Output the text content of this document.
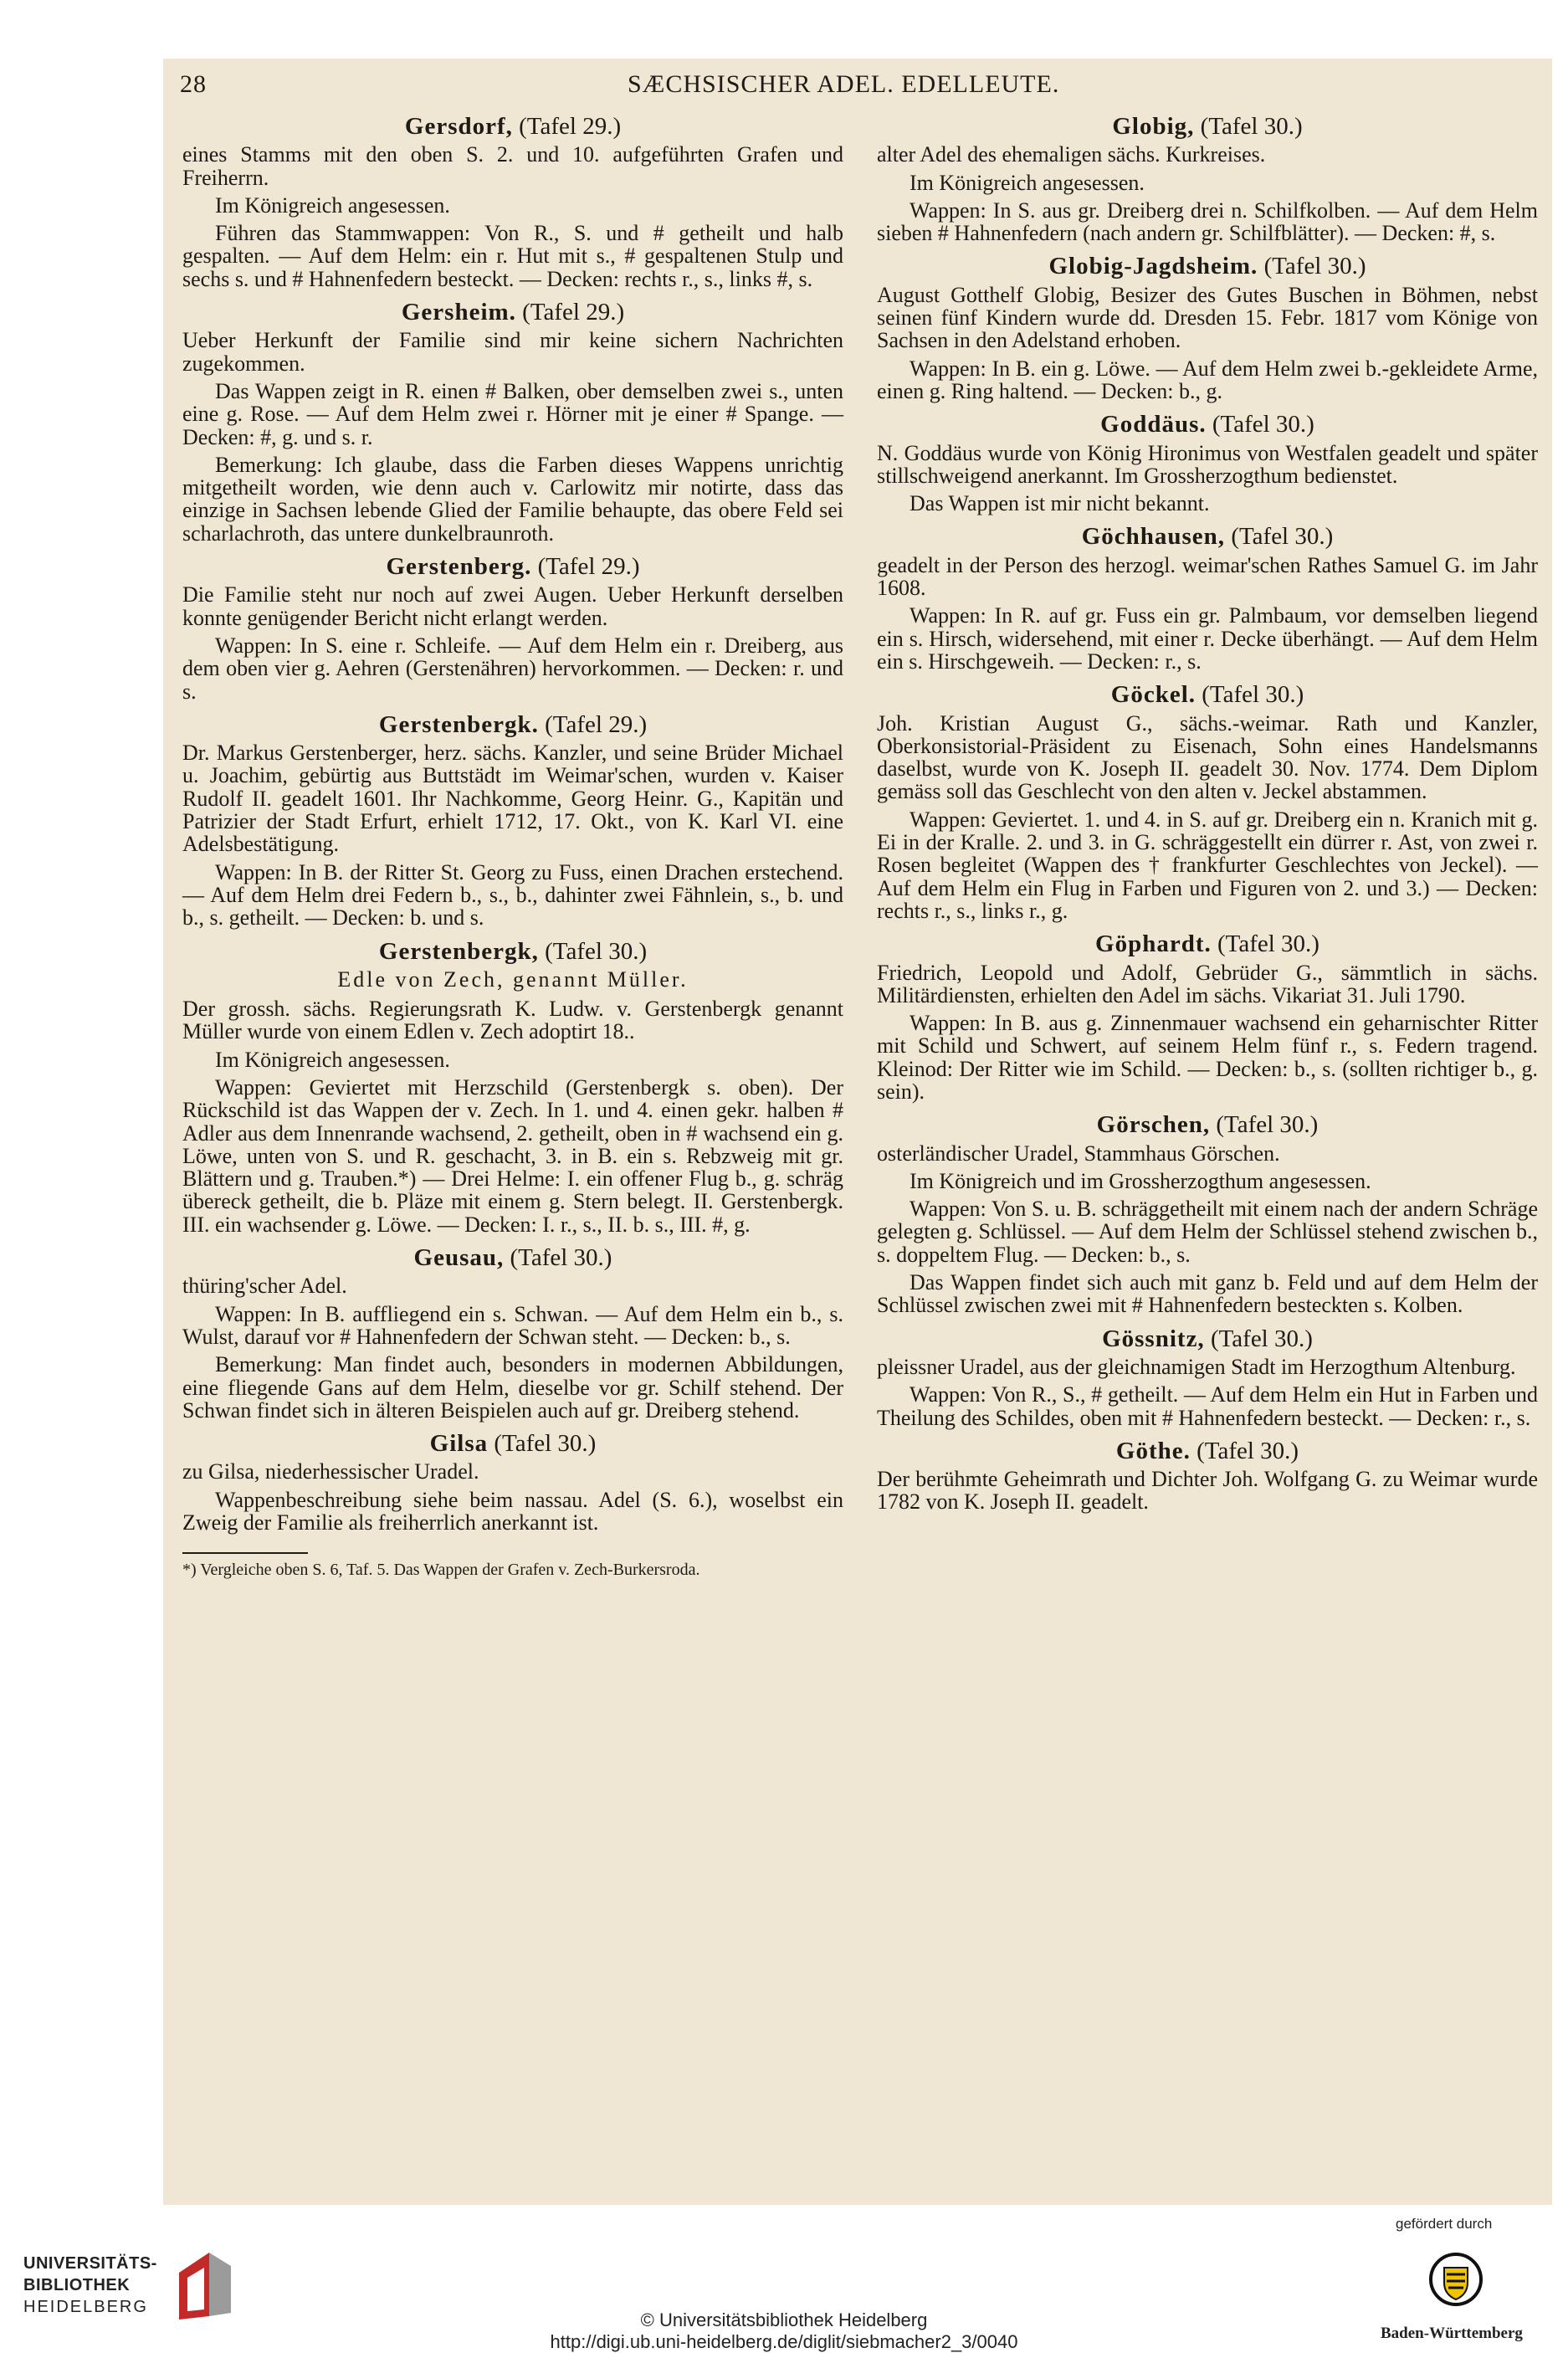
28	SÆCHSISCHER ADEL. EDELLEUTE.
Gersdorf, (Tafel 29.)
eines Stamms mit den oben S. 2. und 10. aufgeführten Grafen und Freiherrn.
Im Königreich angesessen.
Führen das Stammwappen: Von R., S. und # getheilt und halb gespalten. — Auf dem Helm: ein r. Hut mit s., # gespaltenen Stulp und sechs s. und # Hahnenfedern besteckt. — Decken: rechts r., s., links #, s.
Gersheim. (Tafel 29.)
Ueber Herkunft der Familie sind mir keine sichern Nachrichten zugekommen.
Das Wappen zeigt in R. einen # Balken, ober demselben zwei s., unten eine g. Rose. — Auf dem Helm zwei r. Hörner mit je einer # Spange. — Decken: #, g. und s. r.
Bemerkung: Ich glaube, dass die Farben dieses Wappens unrichtig mitgetheilt worden, wie denn auch v. Carlowitz mir notirte, dass das einzige in Sachsen lebende Glied der Familie behaupte, das obere Feld sei scharlachroth, das untere dunkelbraunroth.
Gerstenberg. (Tafel 29.)
Die Familie steht nur noch auf zwei Augen. Ueber Herkunft derselben konnte genügender Bericht nicht erlangt werden.
Wappen: In S. eine r. Schleife. — Auf dem Helm ein r. Dreiberg, aus dem oben vier g. Aehren (Gerstenähren) hervorkommen. — Decken: r. und s.
Gerstenbergk. (Tafel 29.)
Dr. Markus Gerstenberger, herz. sächs. Kanzler, und seine Brüder Michael u. Joachim, gebürtig aus Buttstädt im Weimar'schen, wurden v. Kaiser Rudolf II. geadelt 1601. Ihr Nachkomme, Georg Heinr. G., Kapitän und Patrizier der Stadt Erfurt, erhielt 1712, 17. Okt., von K. Karl VI. eine Adelsbestätigung.
Wappen: In B. der Ritter St. Georg zu Fuss, einen Drachen erstechend. — Auf dem Helm drei Federn b., s., b., dahinter zwei Fähnlein, s., b. und b., s. getheilt. — Decken: b. und s.
Gerstenbergk, (Tafel 30.)
Edle von Zech, genannt Müller.
Der grossh. sächs. Regierungsrath K. Ludw. v. Gerstenbergk genannt Müller wurde von einem Edlen v. Zech adoptirt 18..
Im Königreich angesessen.
Wappen: Geviertet mit Herzschild (Gerstenbergk s. oben). Der Rückschild ist das Wappen der v. Zech. In 1. und 4. einen gekr. halben # Adler aus dem Innenrande wachsend, 2. getheilt, oben in # wachsend ein g. Löwe, unten von S. und R. geschacht, 3. in B. ein s. Rebzweig mit gr. Blättern und g. Trauben.*) — Drei Helme: I. ein offener Flug b., g. schräg übereck getheilt, die b. Pläze mit einem g. Stern belegt. II. Gerstenbergk. III. ein wachsender g. Löwe. — Decken: I. r., s., II. b. s., III. #, g.
Geusau, (Tafel 30.)
thüring'scher Adel.
Wappen: In B. auffliegend ein s. Schwan. — Auf dem Helm ein b., s. Wulst, darauf vor # Hahnenfedern der Schwan steht. — Decken: b., s.
Bemerkung: Man findet auch, besonders in modernen Abbildungen, eine fliegende Gans auf dem Helm, dieselbe vor gr. Schilf stehend. Der Schwan findet sich in älteren Beispielen auch auf gr. Dreiberg stehend.
Gilsa (Tafel 30.)
zu Gilsa, niederhessischer Uradel.
Wappenbeschreibung siehe beim nassau. Adel (S. 6.), woselbst ein Zweig der Familie als freiherrlich anerkannt ist.
*) Vergleiche oben S. 6, Taf. 5. Das Wappen der Grafen v. Zech-Burkersroda.
Globig, (Tafel 30.)
alter Adel des ehemaligen sächs. Kurkreises.
Im Königreich angesessen.
Wappen: In S. aus gr. Dreiberg drei n. Schilfkolben. — Auf dem Helm sieben # Hahnenfedern (nach andern gr. Schilfblätter). — Decken: #, s.
Globig-Jagdsheim. (Tafel 30.)
August Gotthelf Globig, Besizer des Gutes Buschen in Böhmen, nebst seinen fünf Kindern wurde dd. Dresden 15. Febr. 1817 vom Könige von Sachsen in den Adelstand erhoben.
Wappen: In B. ein g. Löwe. — Auf dem Helm zwei b.-gekleidete Arme, einen g. Ring haltend. — Decken: b., g.
Goddäus. (Tafel 30.)
N. Goddäus wurde von König Hironimus von Westfalen geadelt und später stillschweigend anerkannt. Im Grossherzogthum bedienstet.
Das Wappen ist mir nicht bekannt.
Göchhausen, (Tafel 30.)
geadelt in der Person des herzogl. weimar'schen Rathes Samuel G. im Jahr 1608.
Wappen: In R. auf gr. Fuss ein gr. Palmbaum, vor demselben liegend ein s. Hirsch, widersehend, mit einer r. Decke überhängt. — Auf dem Helm ein s. Hirschgeweih. — Decken: r., s.
Göckel. (Tafel 30.)
Joh. Kristian August G., sächs.-weimar. Rath und Kanzler, Oberkonsistorial-Präsident zu Eisenach, Sohn eines Handelsmanns daselbst, wurde von K. Joseph II. geadelt 30. Nov. 1774. Dem Diplom gemäss soll das Geschlecht von den alten v. Jeckel abstammen.
Wappen: Geviertet. 1. und 4. in S. auf gr. Dreiberg ein n. Kranich mit g. Ei in der Kralle. 2. und 3. in G. schräggestellt ein dürrer r. Ast, von zwei r. Rosen begleitet (Wappen des † frankfurter Geschlechtes von Jeckel). — Auf dem Helm ein Flug in Farben und Figuren von 2. und 3.) — Decken: rechts r., s., links r., g.
Göphardt. (Tafel 30.)
Friedrich, Leopold und Adolf, Gebrüder G., sämmtlich in sächs. Militärdiensten, erhielten den Adel im sächs. Vikariat 31. Juli 1790.
Wappen: In B. aus g. Zinnenmauer wachsend ein geharnischter Ritter mit Schild und Schwert, auf seinem Helm fünf r., s. Federn tragend. Kleinod: Der Ritter wie im Schild. — Decken: b., s. (sollten richtiger b., g. sein).
Görschen, (Tafel 30.)
osterländischer Uradel, Stammhaus Görschen.
Im Königreich und im Grossherzogthum angesessen.
Wappen: Von S. u. B. schräggetheilt mit einem nach der andern Schräge gelegten g. Schlüssel. — Auf dem Helm der Schlüssel stehend zwischen b., s. doppeltem Flug. — Decken: b., s.
Das Wappen findet sich auch mit ganz b. Feld und auf dem Helm der Schlüssel zwischen zwei mit # Hahnenfedern besteckten s. Kolben.
Gössnitz, (Tafel 30.)
pleissner Uradel, aus der gleichnamigen Stadt im Herzogthum Altenburg.
Wappen: Von R., S., # getheilt. — Auf dem Helm ein Hut in Farben und Theilung des Schildes, oben mit # Hahnenfedern besteckt. — Decken: r., s.
Göthe. (Tafel 30.)
Der berühmte Geheimrath und Dichter Joh. Wolfgang G. zu Weimar wurde 1782 von K. Joseph II. geadelt.
UNIVERSITÄTS-
BIBLIOTHEK
HEIDELBERG
© Universitätsbibliothek Heidelberg
http://digi.ub.uni-heidelberg.de/diglit/siebmacher2_3/0040
gefördert durch
Baden-Württemberg
